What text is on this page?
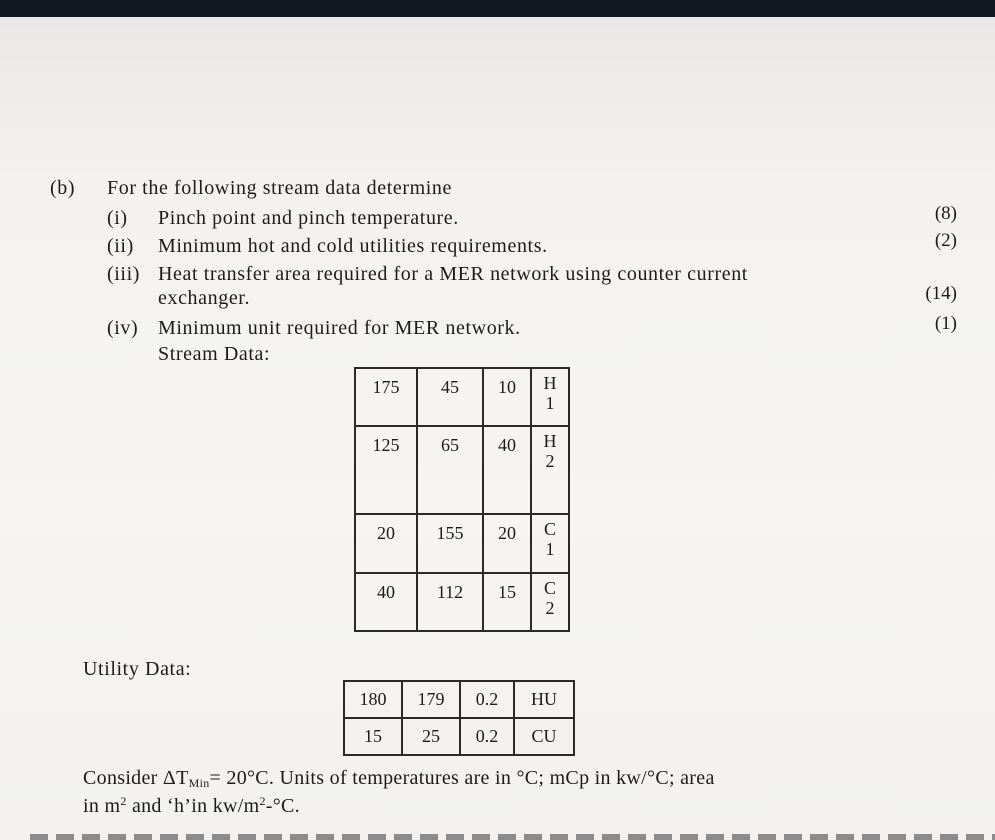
(b) For the following stream data determine
(i) Pinch point and pinch temperature.	(8)
(ii) Minimum hot and cold utilities requirements.	(2)
(iii) Heat transfer area required for a MER network using counter current
exchanger.	(14)
(iv) Minimum unit required for MER network.	(1)
Stream Data:
175	45	10	H
1
125	65	40	H
2
20	155	20	C
1
40	112	15	C
2
Utility Data:
180	179	0.2	HU
15	25	0.2	CU
Consider $\Delta T_{Min}= 20^\circ C$. Units of temperatures are in °C; mCp in kw/°C; area
in $m^2$ and ‘h’in $kw/m^2-^\circ C$.
